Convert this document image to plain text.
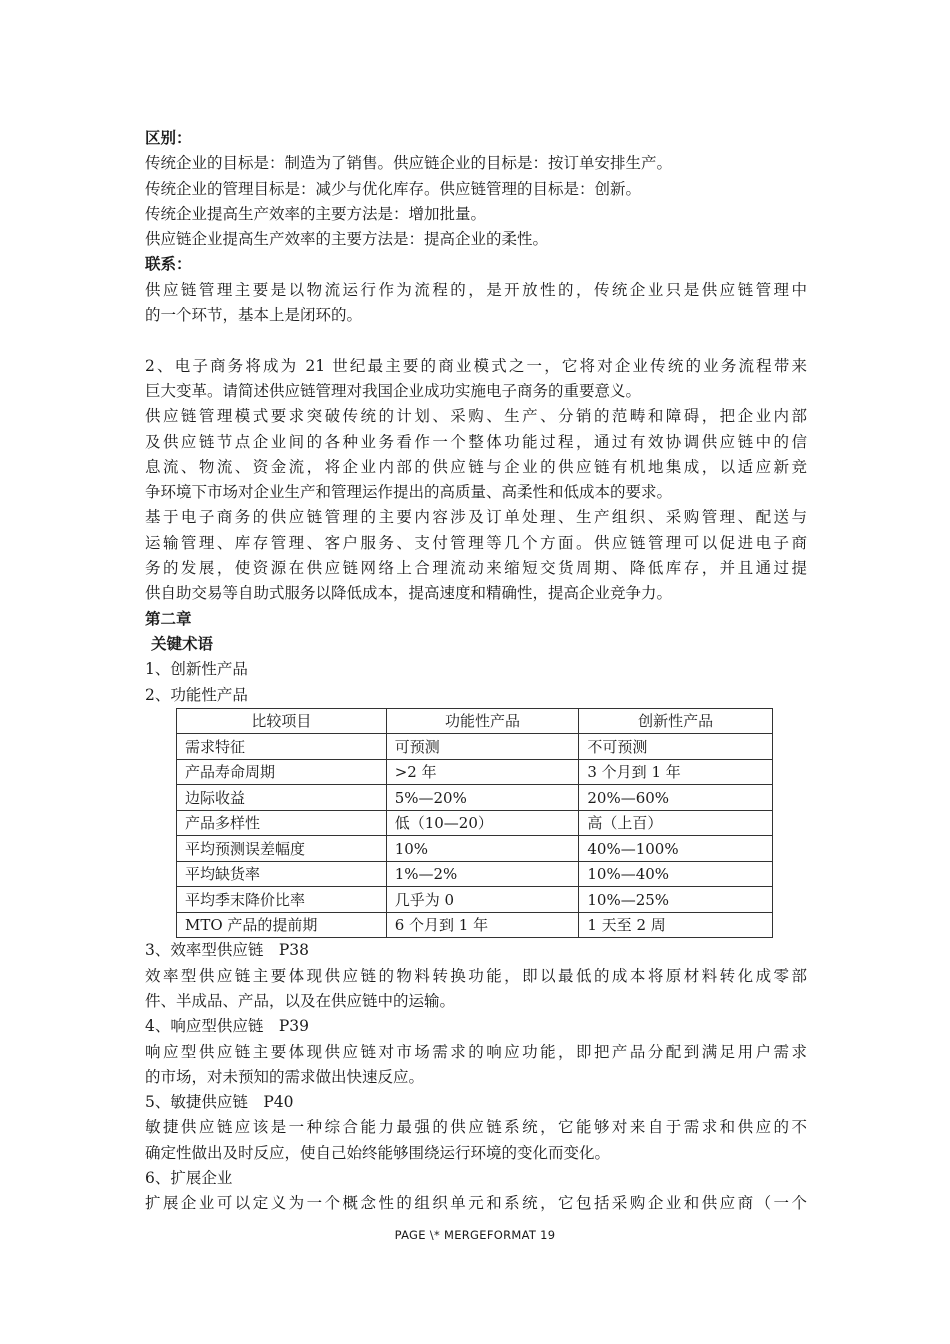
区别：
传统企业的目标是：制造为了销售。供应链企业的目标是：按订单安排生产。
传统企业的管理目标是：减少与优化库存。供应链管理的目标是：创新。
传统企业提高生产效率的主要方法是：增加批量。
供应链企业提高生产效率的主要方法是：提高企业的柔性。
联系：
供应链管理主要是以物流运行作为流程的，是开放性的，传统企业只是供应链管理中
的一个环节，基本上是闭环的。
2、电子商务将成为 21 世纪最主要的商业模式之一，它将对企业传统的业务流程带来
巨大变革。请简述供应链管理对我国企业成功实施电子商务的重要意义。
供应链管理模式要求突破传统的计划、采购、生产、分销的范畴和障碍，把企业内部
及供应链节点企业间的各种业务看作一个整体功能过程，通过有效协调供应链中的信
息流、物流、资金流，将企业内部的供应链与企业的供应链有机地集成，以适应新竞
争环境下市场对企业生产和管理运作提出的高质量、高柔性和低成本的要求。
基于电子商务的供应链管理的主要内容涉及订单处理、生产组织、采购管理、配送与
运输管理、库存管理、客户服务、支付管理等几个方面。供应链管理可以促进电子商
务的发展，使资源在供应链网络上合理流动来缩短交货周期、降低库存，并且通过提
供自助交易等自助式服务以降低成本，提高速度和精确性，提高企业竞争力。
第二章
关键术语
1、创新性产品
2、功能性产品
比较项目	功能性产品	创新性产品
需求特征	可预测	不可预测
产品寿命周期	>2 年	3 个月到 1 年
边际收益	5%—20%	20%—60%
产品多样性	低（10—20）	高（上百）
平均预测误差幅度	10%	40%—100%
平均缺货率	1%—2%	10%—40%
平均季末降价比率	几乎为 0	10%—25%
MTO 产品的提前期	6 个月到 1 年	1 天至 2 周
3、效率型供应链　P38
效率型供应链主要体现供应链的物料转换功能，即以最低的成本将原材料转化成零部
件、半成品、产品，以及在供应链中的运输。
4、响应型供应链　P39
响应型供应链主要体现供应链对市场需求的响应功能，即把产品分配到满足用户需求
的市场，对未预知的需求做出快速反应。
5、敏捷供应链　P40
敏捷供应链应该是一种综合能力最强的供应链系统，它能够对来自于需求和供应的不
确定性做出及时反应，使自己始终能够围绕运行环境的变化而变化。
6、扩展企业
扩展企业可以定义为一个概念性的组织单元和系统，它包括采购企业和供应商（一个
PAGE \* MERGEFORMAT 19
